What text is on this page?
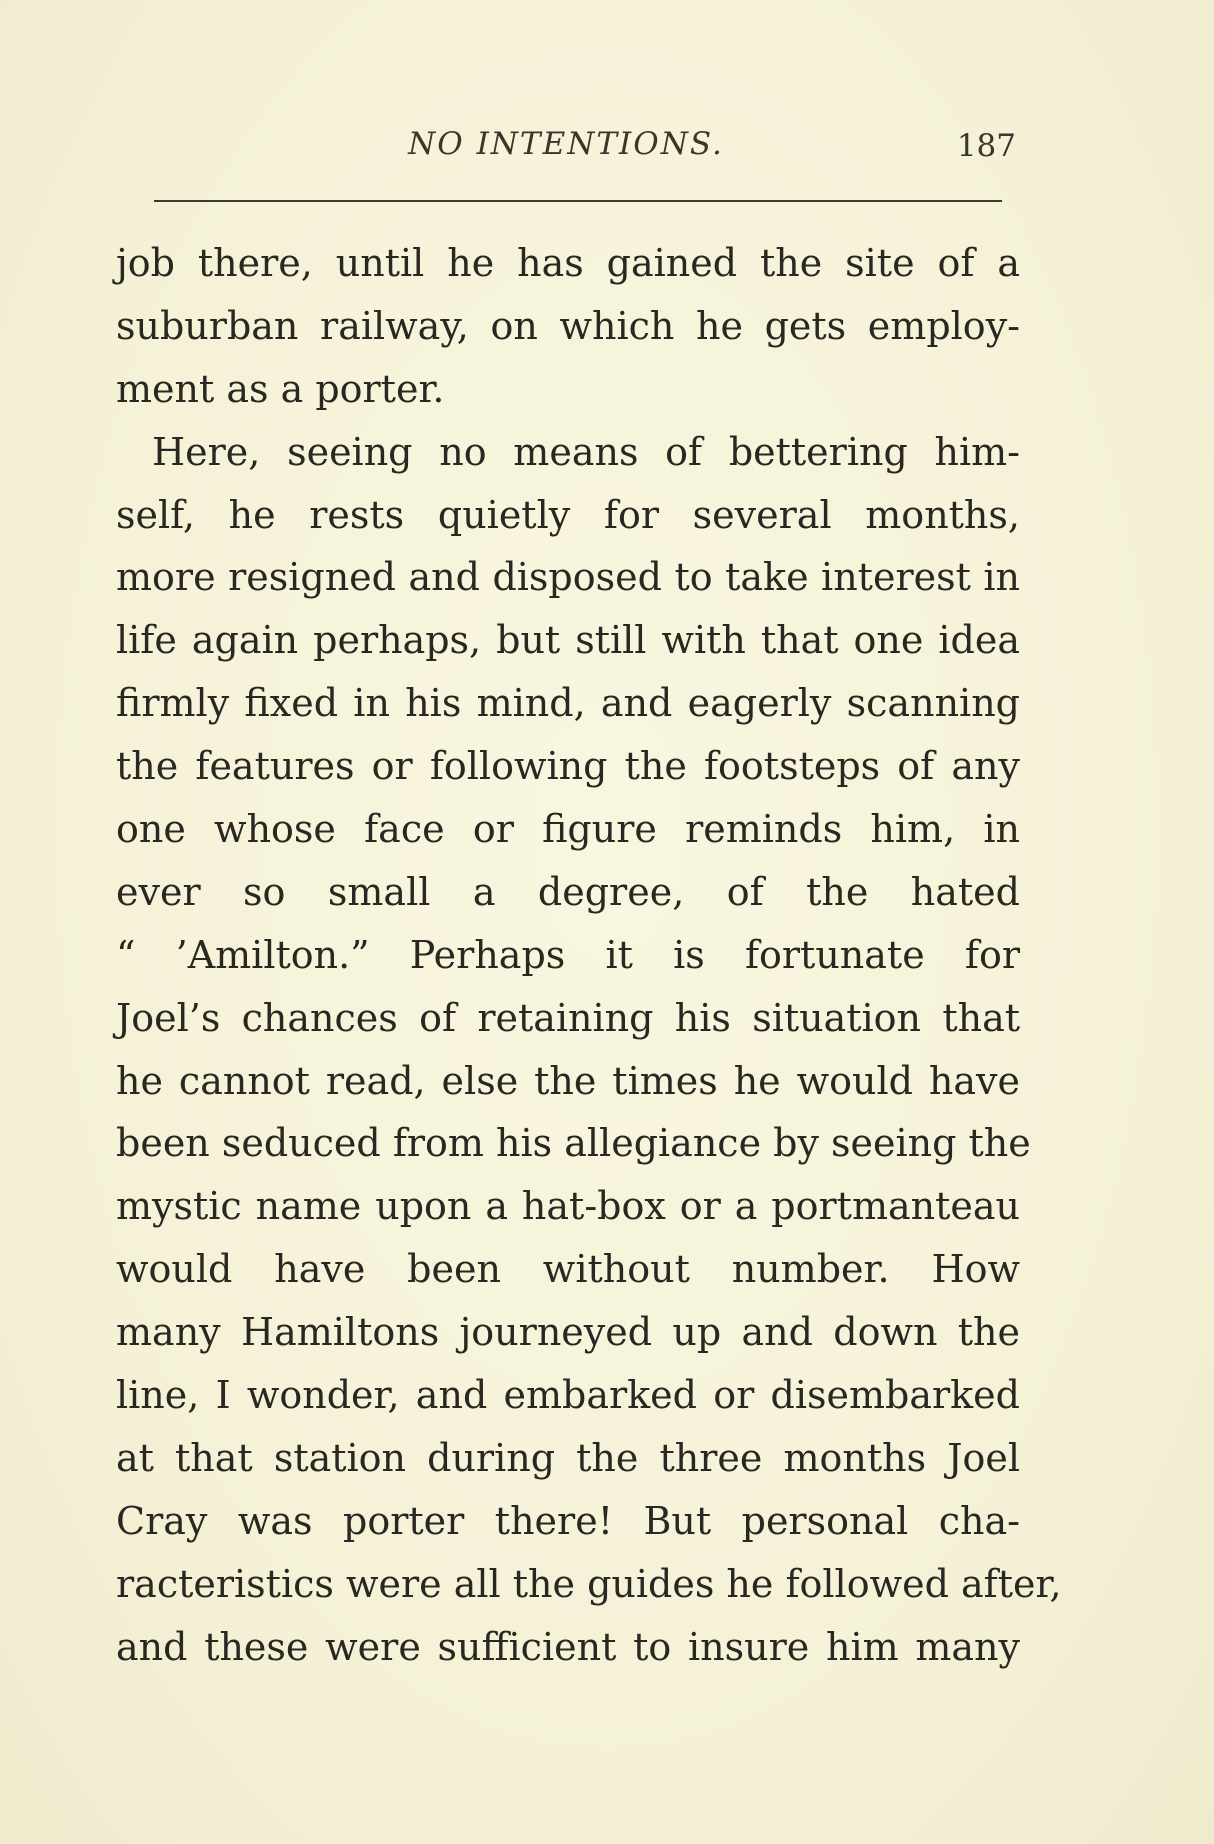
NO INTENTIONS.	187
job there, until he has gained the site of a
suburban railway, on which he gets employ-
ment as a porter.
Here, seeing no means of bettering him-
self, he rests quietly for several months,
more resigned and disposed to take interest in
life again perhaps, but still with that one idea
firmly fixed in his mind, and eagerly scanning
the features or following the footsteps of any
one whose face or figure reminds him, in
ever so small a degree, of the hated
“ ’Amilton.” Perhaps it is fortunate for
Joel’s chances of retaining his situation that
he cannot read, else the times he would have
been seduced from his allegiance by seeing the
mystic name upon a hat-box or a portmanteau
would have been without number. How
many Hamiltons journeyed up and down the
line, I wonder, and embarked or disembarked
at that station during the three months Joel
Cray was porter there! But personal cha-
racteristics were all the guides he followed after,
and these were sufficient to insure him many
